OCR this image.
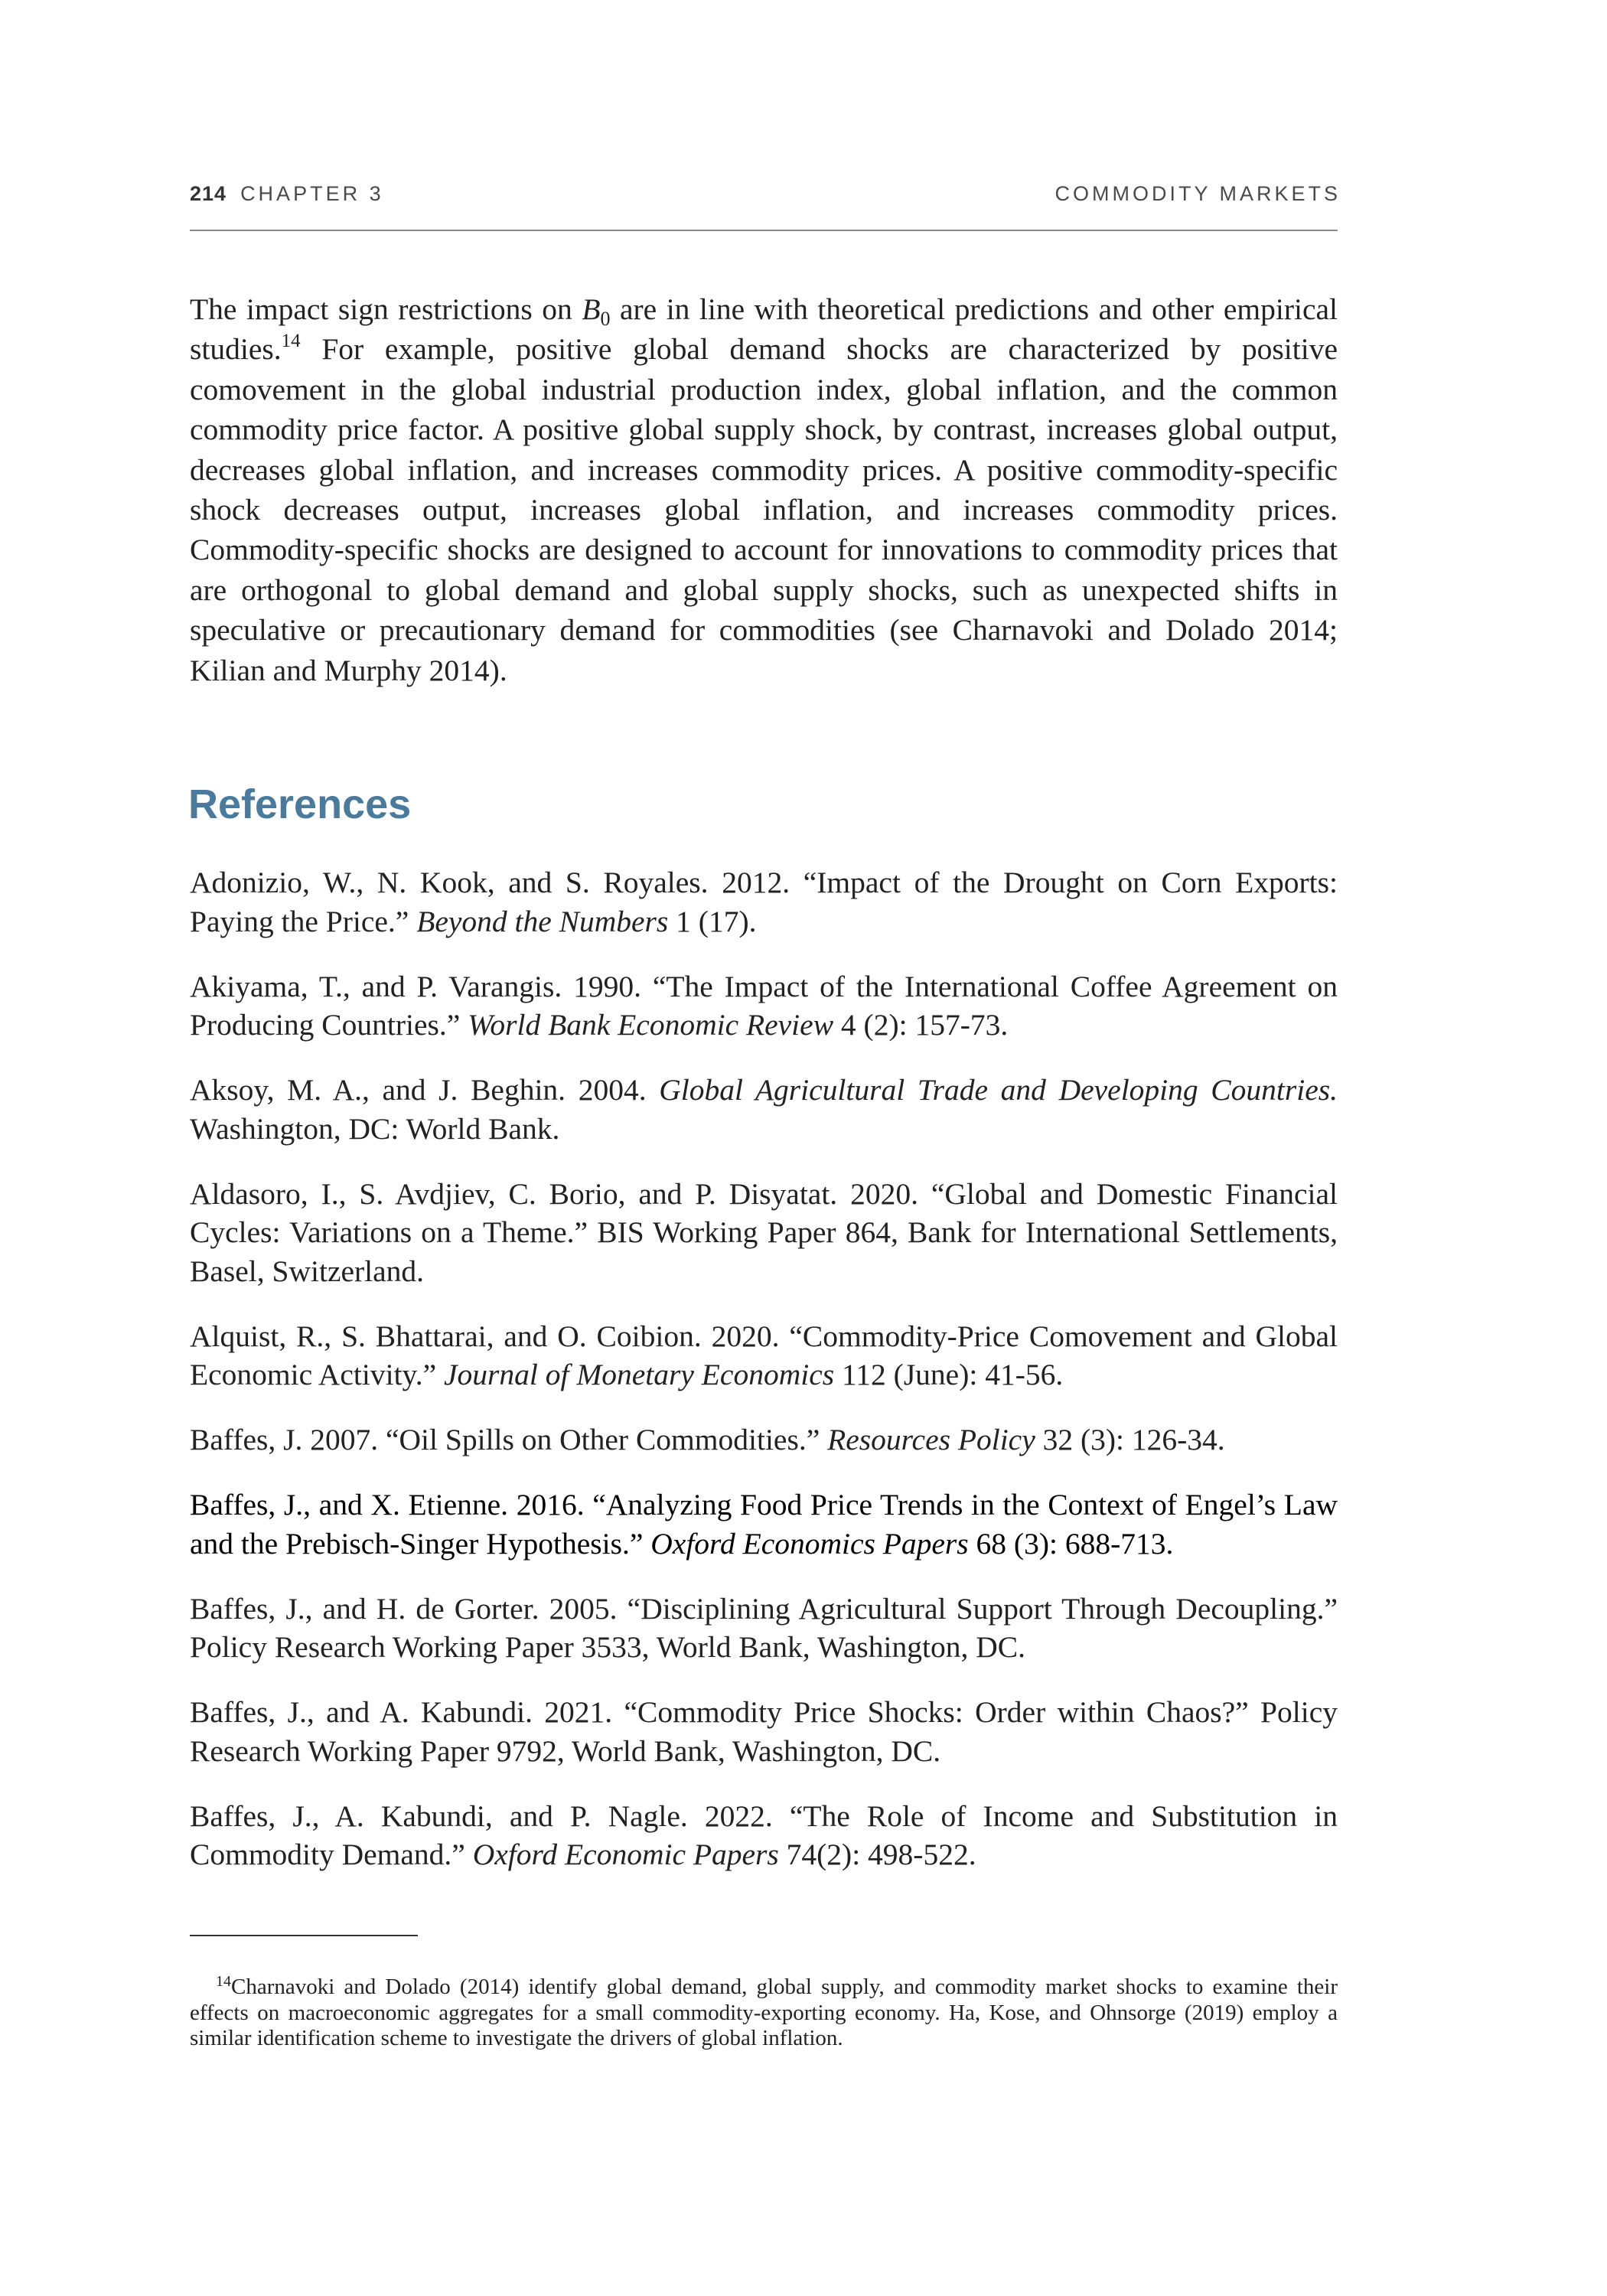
214 CHAPTER 3	COMMODITY MARKETS

The impact sign restrictions on $B_0$ are in line with theoretical predictions and other empirical studies.$^{14}$ For example, positive global demand shocks are characterized by positive comovement in the global industrial production index, global inflation, and the common commodity price factor. A positive global supply shock, by contrast, increases global output, decreases global inflation, and increases commodity prices. A positive commodity-specific shock decreases output, increases global inflation, and increases commodity prices. Commodity-specific shocks are designed to account for innovations to commodity prices that are orthogonal to global demand and global supply shocks, such as unexpected shifts in speculative or precautionary demand for commodities (see Charnavoki and Dolado 2014; Kilian and Murphy 2014).

References
Adonizio, W., N. Kook, and S. Royales. 2012. “Impact of the Drought on Corn Exports: Paying the Price.” Beyond the Numbers 1 (17).
Akiyama, T., and P. Varangis. 1990. “The Impact of the International Coffee Agreement on Producing Countries.” World Bank Economic Review 4 (2): 157-73.
Aksoy, M. A., and J. Beghin. 2004. Global Agricultural Trade and Developing Countries. Washington, DC: World Bank.
Aldasoro, I., S. Avdjiev, C. Borio, and P. Disyatat. 2020. “Global and Domestic Financial Cycles: Variations on a Theme.” BIS Working Paper 864, Bank for International Settlements, Basel, Switzerland.
Alquist, R., S. Bhattarai, and O. Coibion. 2020. “Commodity-Price Comovement and Global Economic Activity.” Journal of Monetary Economics 112 (June): 41-56.
Baffes, J. 2007. “Oil Spills on Other Commodities.” Resources Policy 32 (3): 126-34.
Baffes, J., and X. Etienne. 2016. “Analyzing Food Price Trends in the Context of Engel’s Law and the Prebisch-Singer Hypothesis.” Oxford Economics Papers 68 (3): 688-713.
Baffes, J., and H. de Gorter. 2005. “Disciplining Agricultural Support Through Decoupling.” Policy Research Working Paper 3533, World Bank, Washington, DC.
Baffes, J., and A. Kabundi. 2021. “Commodity Price Shocks: Order within Chaos?” Policy Research Working Paper 9792, World Bank, Washington, DC.
Baffes, J., A. Kabundi, and P. Nagle. 2022. “The Role of Income and Substitution in Commodity Demand.” Oxford Economic Papers 74(2): 498-522.

$^{14}$Charnavoki and Dolado (2014) identify global demand, global supply, and commodity market shocks to examine their effects on macroeconomic aggregates for a small commodity-exporting economy. Ha, Kose, and Ohnsorge (2019) employ a similar identification scheme to investigate the drivers of global inflation.
